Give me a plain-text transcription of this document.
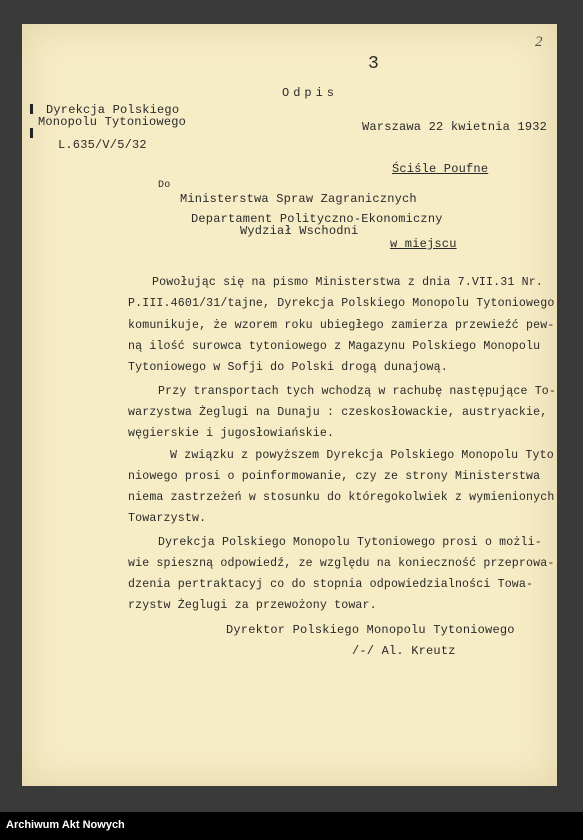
2
3
Odpis
Dyrekcja Polskiego
Monopolu Tytoniowego
L.635/V/5/32
Warszawa 22 kwietnia 1932
Ściśle Poufne
Do
Ministerstwa Spraw Zagranicznych
Departament Polityczno-Ekonomiczny
Wydział Wschodni
w miejscu
Powołując się na pismo Ministerstwa z dnia 7.VII.31 Nr.
P.III.4601/31/tajne, Dyrekcja Polskiego Monopolu Tytoniowego
komunikuje, że wzorem roku ubiegłego zamierza przewieźć pew-
ną ilość surowca tytoniowego z Magazynu Polskiego Monopolu
Tytoniowego w Sofji do Polski drogą dunajową.
Przy transportach tych wchodzą w rachubę następujące To-
warzystwa Żeglugi na Dunaju : czeskosłowackie, austryackie,
węgierskie i jugosłowiańskie.
W związku z powyższem Dyrekcja Polskiego Monopolu Tyto
niowego prosi o poinformowanie, czy ze strony Ministerstwa
niema zastrzeżeń w stosunku do któregokolwiek z wymienionych
Towarzystw.
Dyrekcja Polskiego Monopolu Tytoniowego prosi o możli-
wie spieszną odpowiedź, ze względu na konieczność przeprowa-
dzenia pertraktacyj co do stopnia odpowiedzialności Towa-
rzystw Żeglugi za przewożony towar.
Dyrektor Polskiego Monopolu Tytoniowego
/-/ Al. Kreutz
Archiwum Akt Nowych
